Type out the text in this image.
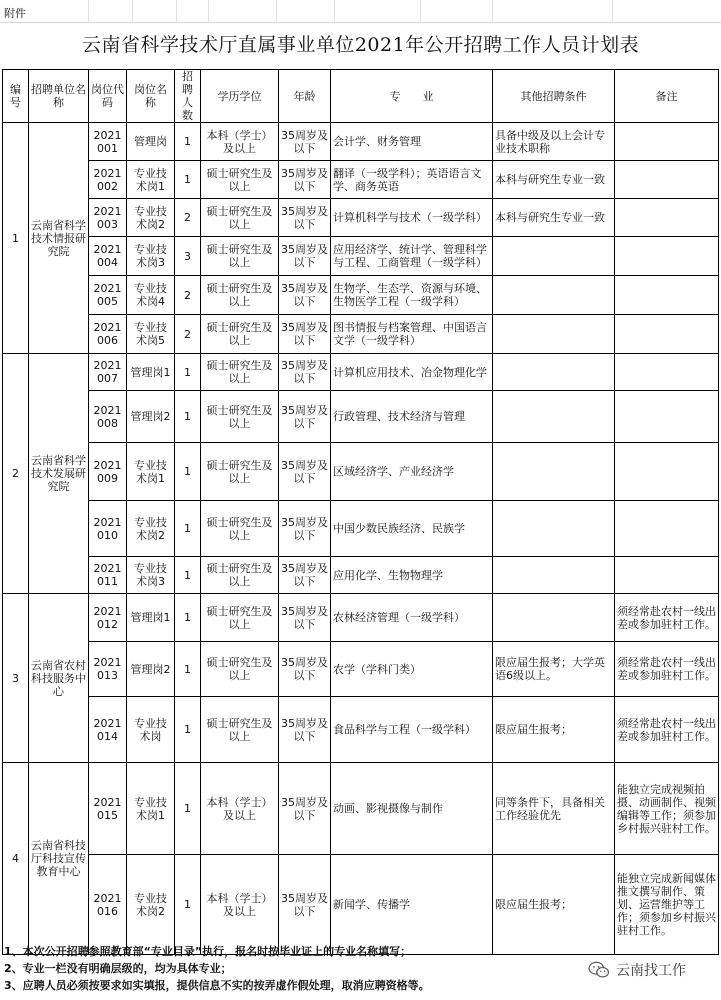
附件
云南省科学技术厅直属事业单位2021年公开招聘工作人员计划表
编号	招聘单位名称	岗位代码	岗位名称	招聘人数	学历学位	年龄	专　　业	其他招聘条件	备注
1	云南省科学技术情报研究院	2021001	管理岗	1	本科（学士）及以上	35周岁及以下	会计学、财务管理	具备中级及以上会计专业技术职称	
		2021002	专业技术岗1	1	硕士研究生及以上	35周岁及以下	翻译（一级学科）；英语语言文学、商务英语	本科与研究生专业一致	
		2021003	专业技术岗2	2	硕士研究生及以上	35周岁及以下	计算机科学与技术（一级学科）	本科与研究生专业一致	
		2021004	专业技术岗3	3	硕士研究生及以上	35周岁及以下	应用经济学、统计学、管理科学与工程、工商管理（一级学科）		
		2021005	专业技术岗4	2	硕士研究生及以上	35周岁及以下	生物学、生态学、资源与环境、生物医学工程（一级学科）		
		2021006	专业技术岗5	2	硕士研究生及以上	35周岁及以下	图书情报与档案管理、中国语言文学（一级学科）		
2	云南省科学技术发展研究院	2021007	管理岗1	1	硕士研究生及以上	35周岁及以下	计算机应用技术、冶金物理化学		
		2021008	管理岗2	1	硕士研究生及以上	35周岁及以下	行政管理、技术经济与管理		
		2021009	专业技术岗1	1	硕士研究生及以上	35周岁及以下	区域经济学、产业经济学		
		2021010	专业技术岗2	1	硕士研究生及以上	35周岁及以下	中国少数民族经济、民族学		
		2021011	专业技术岗3	1	硕士研究生及以上	35周岁及以下	应用化学、生物物理学		
3	云南省农村科技服务中心	2021012	管理岗1	1	硕士研究生及以上	35周岁及以下	农林经济管理（一级学科）		须经常赴农村一线出差或参加驻村工作。
		2021013	管理岗2	1	硕士研究生及以上	35周岁及以下	农学（学科门类）	限应届生报考；大学英语6级以上。	须经常赴农村一线出差或参加驻村工作。
		2021014	专业技术岗	1	硕士研究生及以上	35周岁及以下	食品科学与工程（一级学科）	限应届生报考；	须经常赴农村一线出差或参加驻村工作。
4	云南省科技厅科技宣传教育中心	2021015	专业技术岗1	1	本科（学士）及以上	35周岁及以下	动画、影视摄像与制作	同等条件下，具备相关工作经验优先	能独立完成视频拍摄、动画制作、视频编辑等工作；须参加乡村振兴驻村工作。
		2021016	专业技术岗2	1	本科（学士）及以上	35周岁及以下	新闻学、传播学	限应届生报考；	能独立完成新闻媒体推文撰写制作、策划、运营维护等工作；须参加乡村振兴驻村工作。
1、本次公开招聘参照教育部“专业目录”执行，报名时按毕业证上的专业名称填写；
2、专业一栏没有明确层级的，均为具体专业；
3、应聘人员必须按要求如实填报，提供信息不实的按弄虚作假处理，取消应聘资格等。
云南找工作
